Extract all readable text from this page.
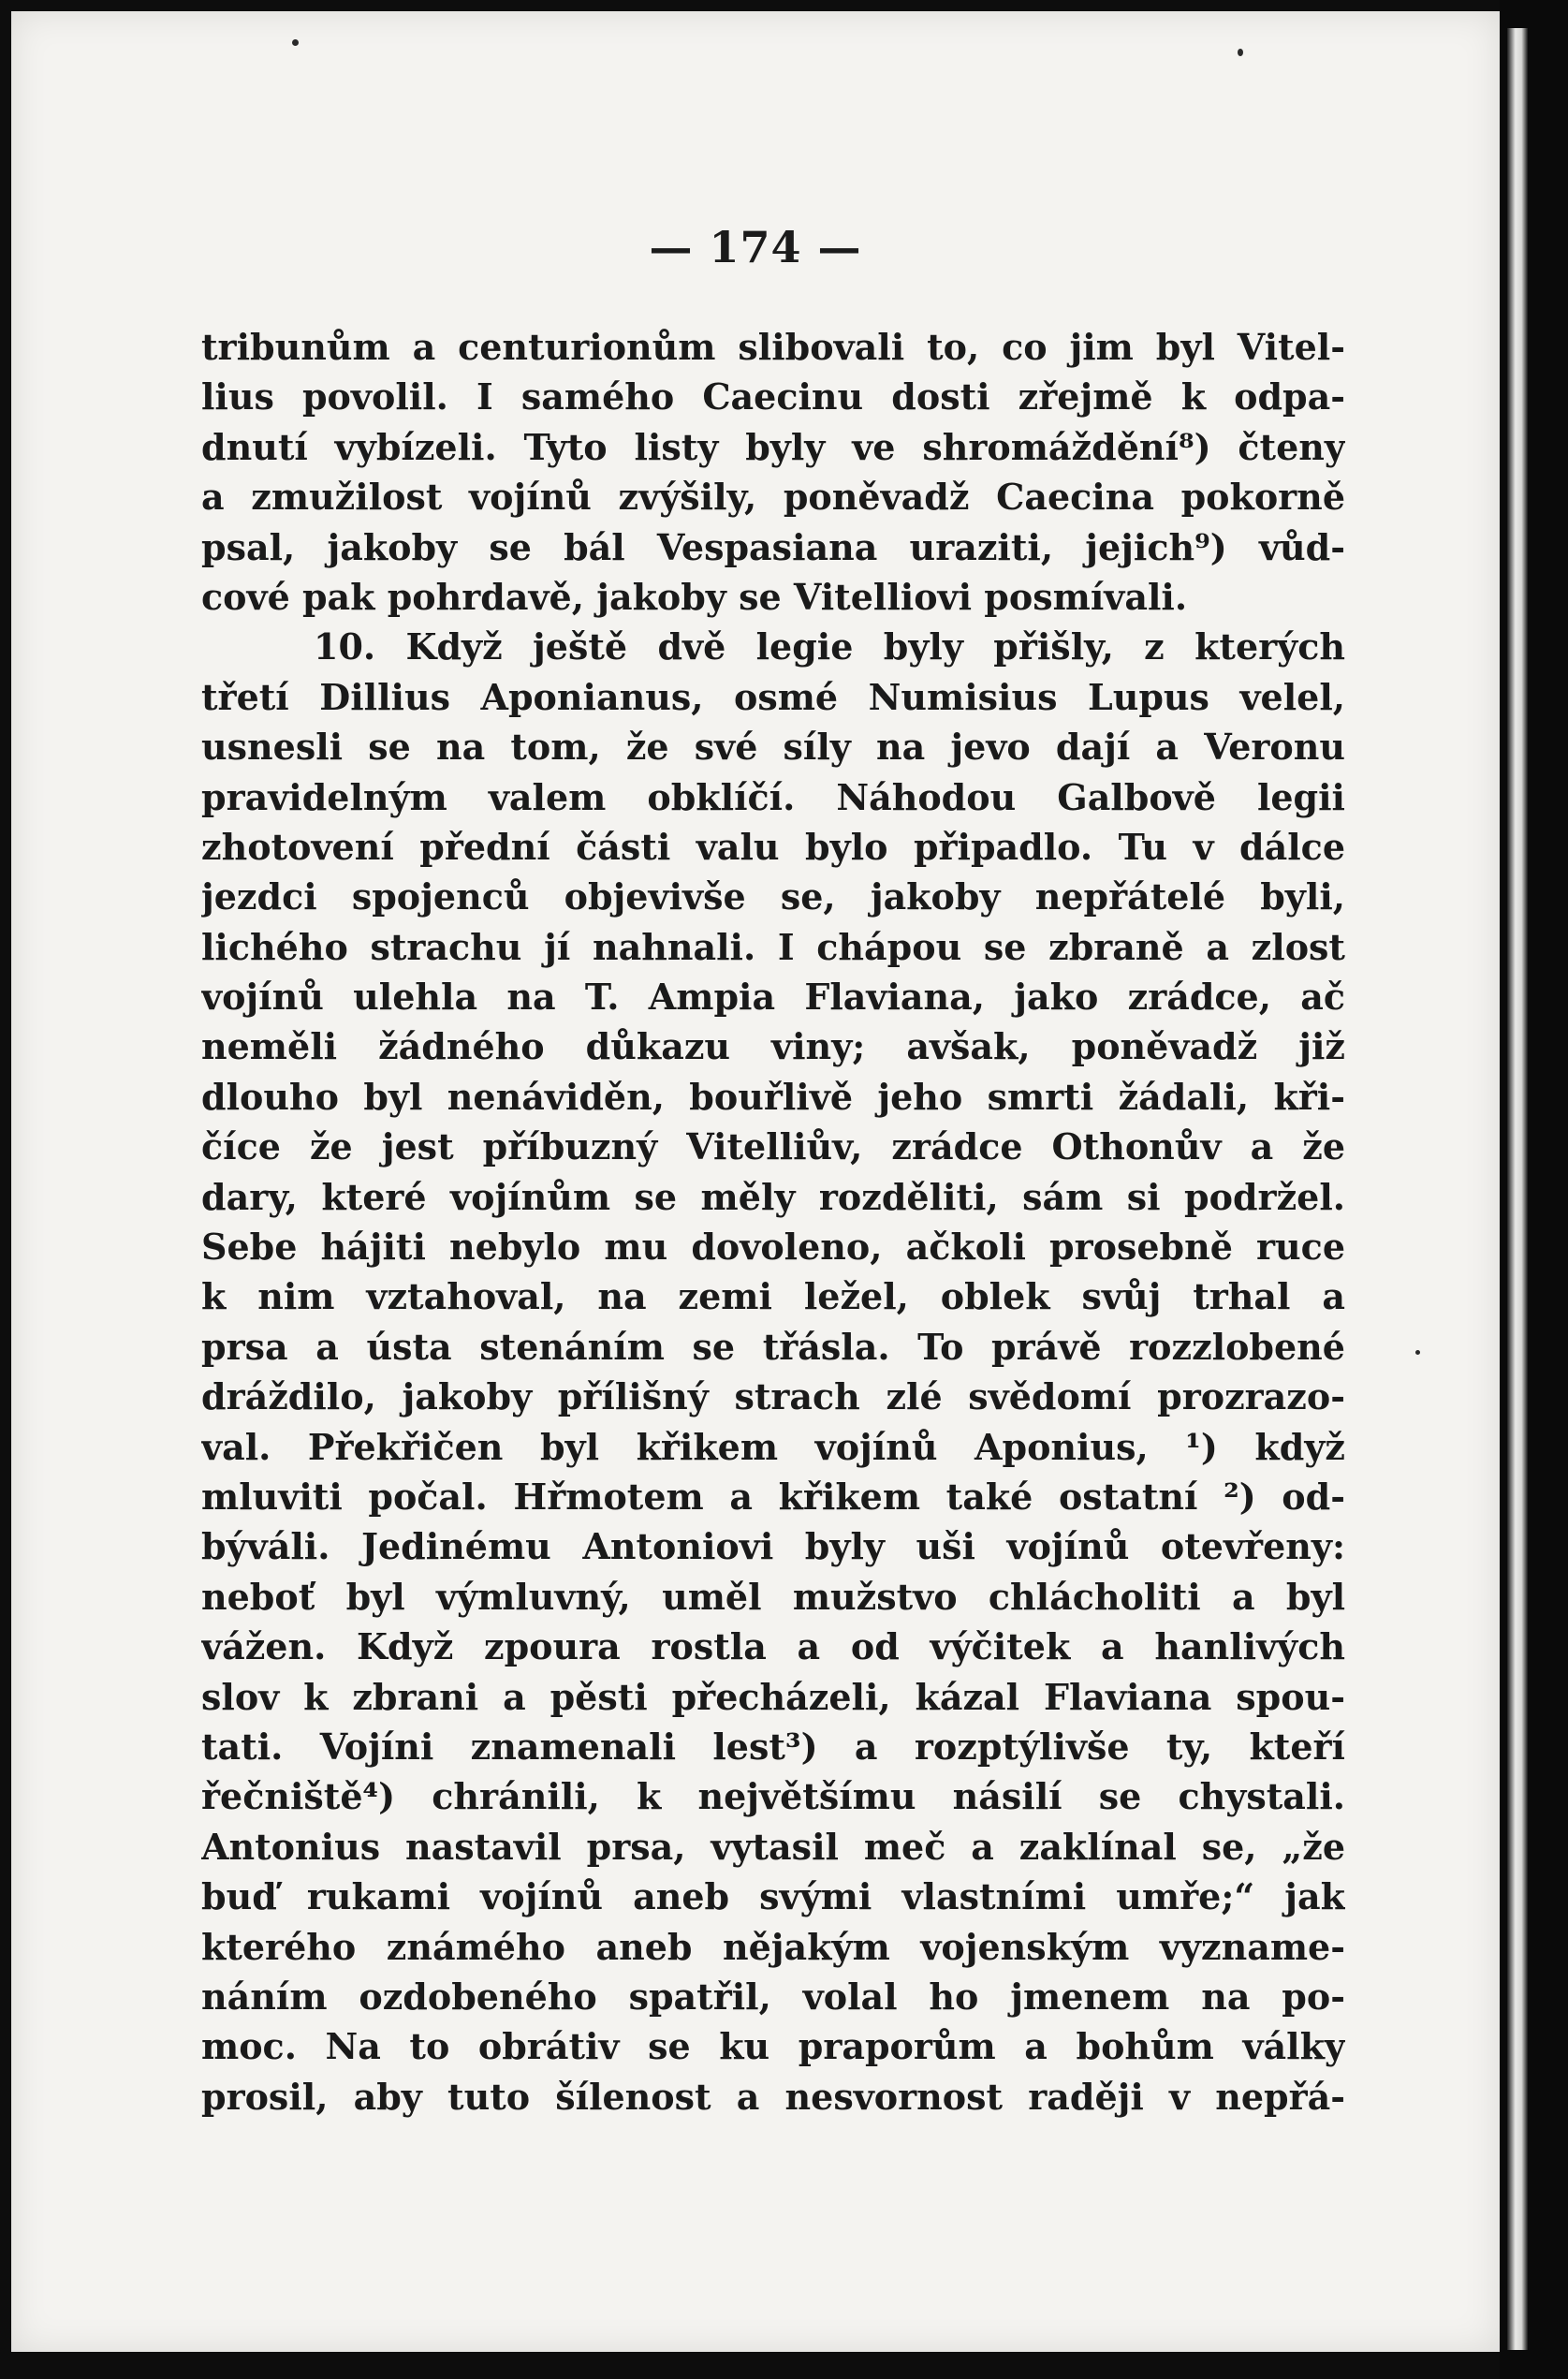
— 174 —
tribunům a centurionům slibovali to, co jim byl Vitel-
lius povolil. I samého Caecinu dosti zřejmě k odpa-
dnutí vybízeli. Tyto listy byly ve shromáždění⁸) čteny
a zmužilost vojínů zvýšily, poněvadž Caecina pokorně
psal, jakoby se bál Vespasiana uraziti, jejich⁹) vůd-
cové pak pohrdavě, jakoby se Vitelliovi posmívali.
10. Když ještě dvě legie byly přišly, z kterých
třetí Dillius Aponianus, osmé Numisius Lupus velel,
usnesli se na tom, že své síly na jevo dají a Veronu
pravidelným valem obklíčí. Náhodou Galbově legii
zhotovení přední části valu bylo připadlo. Tu v dálce
jezdci spojenců objevivše se, jakoby nepřátelé byli,
lichého strachu jí nahnali. I chápou se zbraně a zlost
vojínů ulehla na T. Ampia Flaviana, jako zrádce, ač
neměli žádného důkazu viny; avšak, poněvadž již
dlouho byl nenáviděn, bouřlivě jeho smrti žádali, kři-
číce že jest příbuzný Vitelliův, zrádce Othonův a že
dary, které vojínům se měly rozděliti, sám si podržel.
Sebe hájiti nebylo mu dovoleno, ačkoli prosebně ruce
k nim vztahoval, na zemi ležel, oblek svůj trhal a
prsa a ústa stenáním se třásla. To právě rozzlobené
dráždilo, jakoby přílišný strach zlé svědomí prozrazo-
val. Překřičen byl křikem vojínů Aponius, ¹) když
mluviti počal. Hřmotem a křikem také ostatní ²) od-
býváli. Jedinému Antoniovi byly uši vojínů otevřeny:
neboť byl výmluvný, uměl mužstvo chlácholiti a byl
vážen. Když zpoura rostla a od výčitek a hanlivých
slov k zbrani a pěsti přecházeli, kázal Flaviana spou-
tati. Vojíni znamenali lest³) a rozptýlivše ty, kteří
řečniště⁴) chránili, k největšímu násilí se chystali.
Antonius nastavil prsa, vytasil meč a zaklínal se, „že
buď rukami vojínů aneb svými vlastními umře;“ jak
kterého známého aneb nějakým vojenským vyzname-
náním ozdobeného spatřil, volal ho jmenem na po-
moc. Na to obrátiv se ku praporům a bohům války
prosil, aby tuto šílenost a nesvornost raději v nepřá-
